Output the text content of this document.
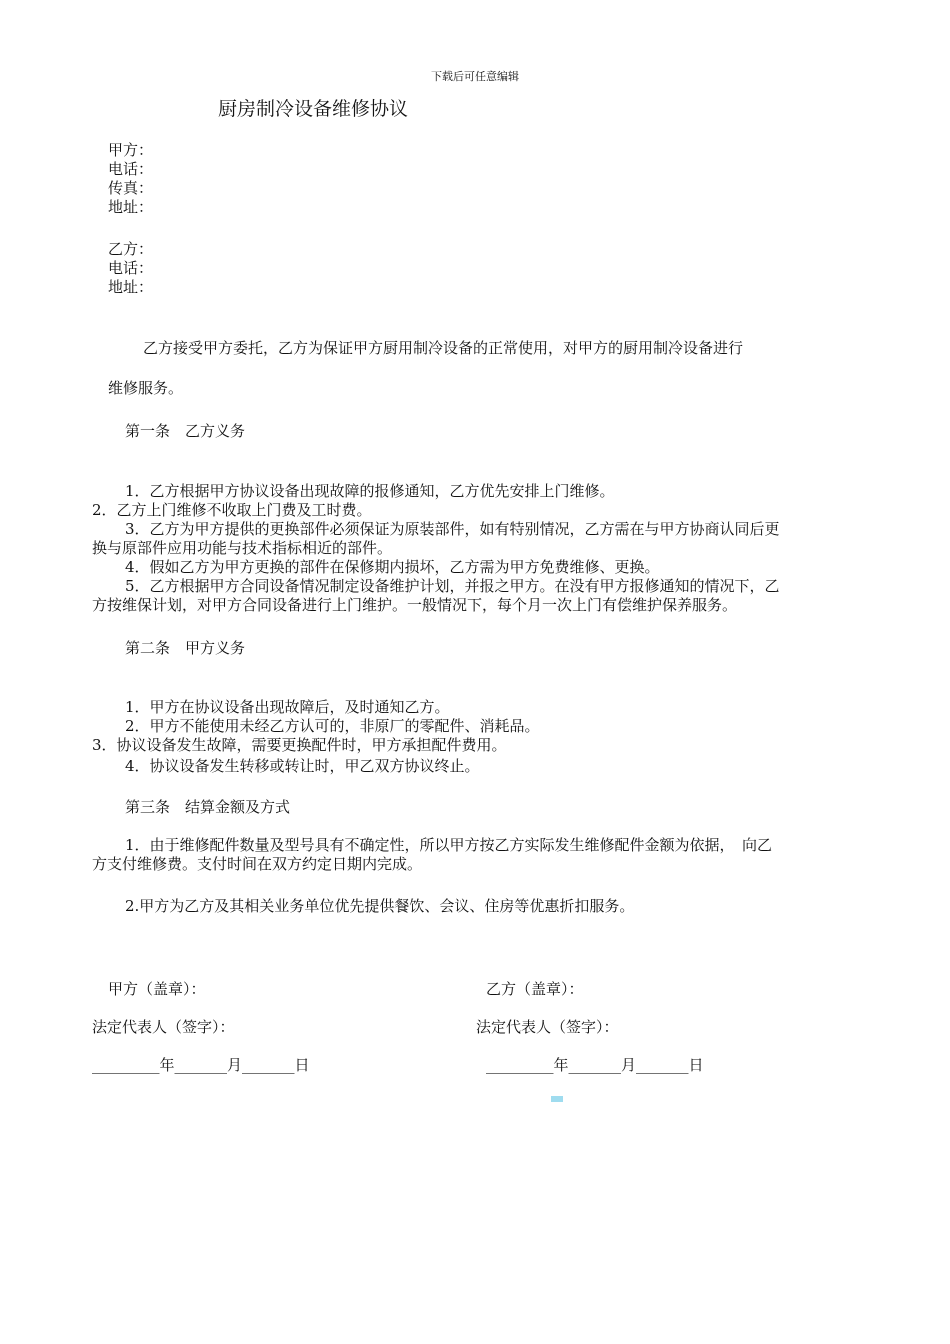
下载后可任意编辑
厨房制冷设备维修协议
甲方：
电话：
传真：
地址：
乙方：
电话：
地址：
乙方接受甲方委托，乙方为保证甲方厨用制冷设备的正常使用，对甲方的厨用制冷设备进行
维修服务。
第一条　乙方义务
1．乙方根据甲方协议设备出现故障的报修通知，乙方优先安排上门维修。
2．乙方上门维修不收取上门费及工时费。
3．乙方为甲方提供的更换部件必须保证为原装部件，如有特别情况，乙方需在与甲方协商认同后更
换与原部件应用功能与技术指标相近的部件。
4．假如乙方为甲方更换的部件在保修期内损坏，乙方需为甲方免费维修、更换。
5．乙方根据甲方合同设备情况制定设备维护计划，并报之甲方。在没有甲方报修通知的情况下，乙
方按维保计划，对甲方合同设备进行上门维护。一般情况下，每个月一次上门有偿维护保养服务。
第二条　甲方义务
1．甲方在协议设备出现故障后，及时通知乙方。
2．甲方不能使用未经乙方认可的，非原厂的零配件、消耗品。
3．协议设备发生故障，需要更换配件时，甲方承担配件费用。
4．协议设备发生转移或转让时，甲乙双方协议终止。
第三条　结算金额及方式
1．由于维修配件数量及型号具有不确定性，所以甲方按乙方实际发生维修配件金额为依据，　向乙
方支付维修费。支付时间在双方约定日期内完成。
2.甲方为乙方及其相关业务单位优先提供餐饮、会议、住房等优惠折扣服务。
甲方（盖章）：	乙方（盖章）：
法定代表人（签字）：	法定代表人（签字）：
_________年_______月_______日	_________年_______月_______日
